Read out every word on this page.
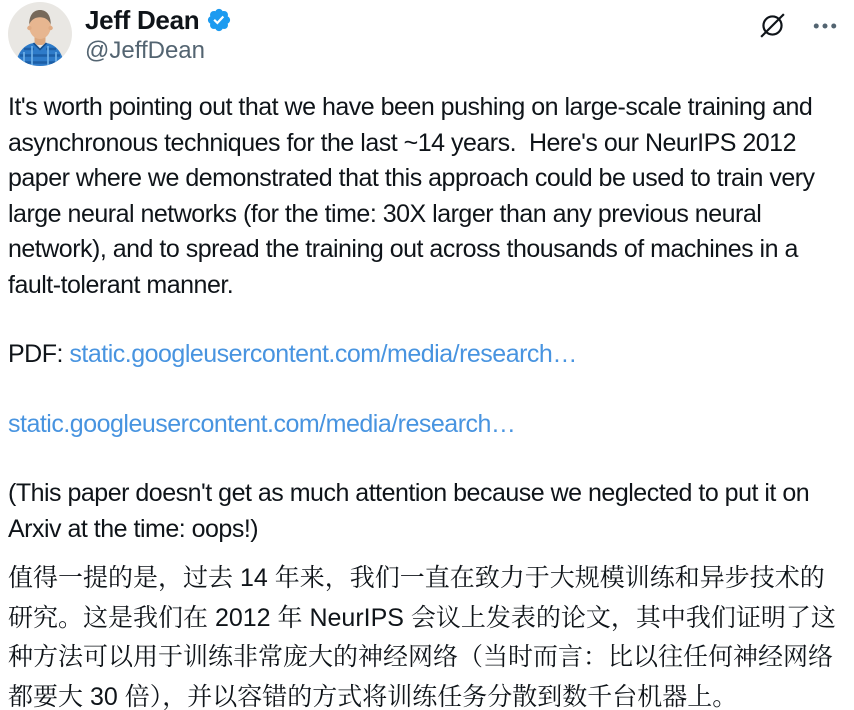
Jeff Dean
@JeffDean

It's worth pointing out that we have been pushing on large-scale training and asynchronous techniques for the last ~14 years.  Here's our NeurIPS 2012 paper where we demonstrated that this approach could be used to train very large neural networks (for the time: 30X larger than any previous neural network), and to spread the training out across thousands of machines in a fault-tolerant manner.

PDF: static.googleusercontent.com/media/research…

static.googleusercontent.com/media/research…

(This paper doesn't get as much attention because we neglected to put it on Arxiv at the time: oops!)

值得一提的是，过去 14 年来，我们一直在致力于大规模训练和异步技术的研究。这是我们在 2012 年 NeurIPS 会议上发表的论文，其中我们证明了这种方法可以用于训练非常庞大的神经网络（当时而言：比以往任何神经网络都要大 30 倍），并以容错的方式将训练任务分散到数千台机器上。
